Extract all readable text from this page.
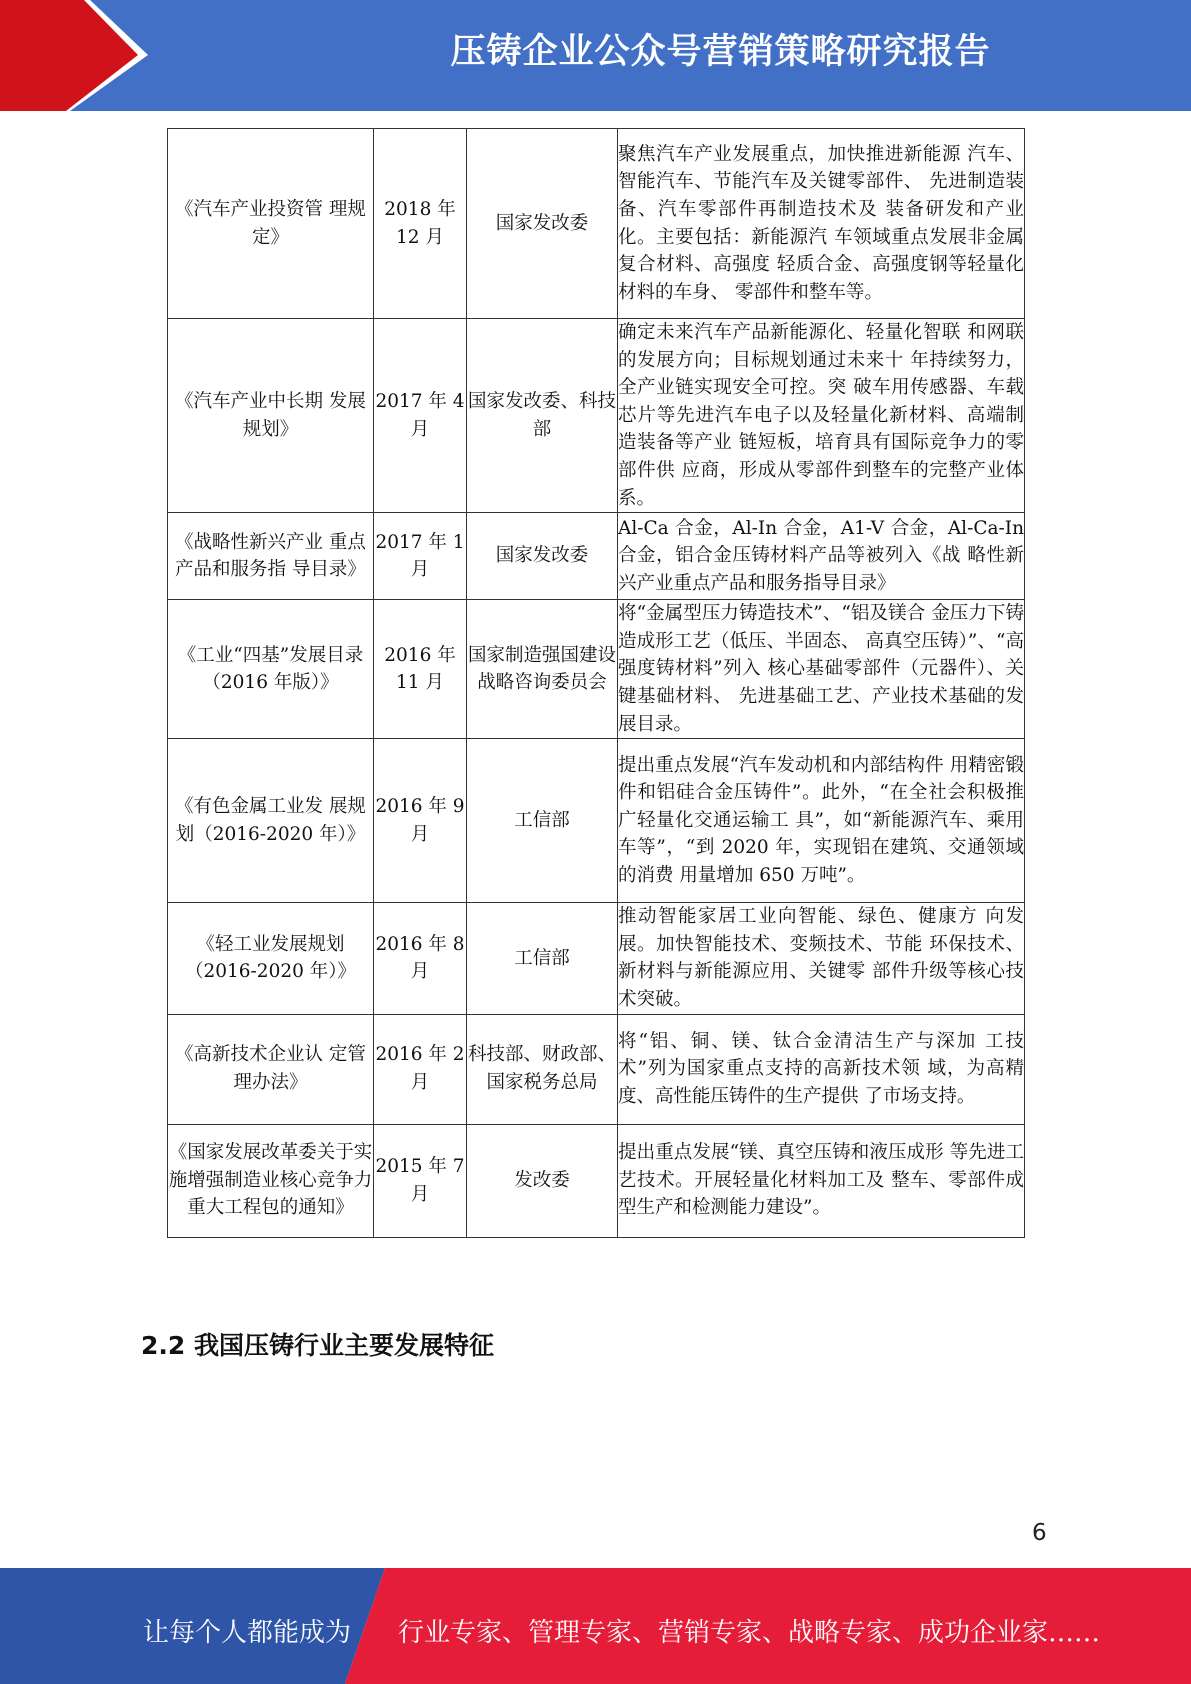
压铸企业公众号营销策略研究报告
《汽车产业投资管 理规定》	2018 年 12 月	国家发改委	聚焦汽车产业发展重点，加快推进新能源 汽车、智能汽车、节能汽车及关键零部件、 先进制造装备、汽车零部件再制造技术及 装备研发和产业化。主要包括：新能源汽 车领域重点发展非金属复合材料、高强度 轻质合金、高强度钢等轻量化材料的车身、 零部件和整车等。
《汽车产业中长期 发展规划》	2017 年 4 月	国家发改委、科技部	确定未来汽车产品新能源化、轻量化智联 和网联的发展方向；目标规划通过未来十 年持续努力，全产业链实现安全可控。突 破车用传感器、车载芯片等先进汽车电子以及轻量化新材料、高端制造装备等产业 链短板，培育具有国际竞争力的零部件供 应商，形成从零部件到整车的完整产业体 系。
《战略性新兴产业 重点产品和服务指 导目录》	2017 年 1 月	国家发改委	Al-Ca 合金，Al-In 合金，A1-V 合金，Al-Ca-In 合金，铝合金压铸材料产品等被列入《战 略性新兴产业重点产品和服务指导目录》
《工业“四基”发展目录（2016 年版）》	2016 年 11 月	国家制造强国建设战略咨询委员会	将“金属型压力铸造技术”、“铝及镁合 金压力下铸造成形工艺（低压、半固态、 高真空压铸）”、“高强度铸材料”列入 核心基础零部件（元器件）、关键基础材料、 先进基础工艺、产业技术基础的发展目录。
《有色金属工业发 展规划（2016-2020 年）》	2016 年 9 月	工信部	提出重点发展“汽车发动机和内部结构件 用精密锻件和铝硅合金压铸件”。此外，“在全社会积极推广轻量化交通运输工 具”，如“新能源汽车、乘用车等”，“到 2020 年，实现铝在建筑、交通领域的消费 用量增加 650 万吨”。
《轻工业发展规划（2016-2020 年）》	2016 年 8 月	工信部	推动智能家居工业向智能、绿色、健康方 向发展。加快智能技术、变频技术、节能 环保技术、新材料与新能源应用、关键零 部件升级等核心技术突破。
《高新技术企业认 定管理办法》	2016 年 2 月	科技部、财政部、国家税务总局	将“铝、铜、镁、钛合金清洁生产与深加 工技术”列为国家重点支持的高新技术领 域，为高精度、高性能压铸件的生产提供 了市场支持。
《国家发展改革委关于实施增强制造业核心竞争力重大工程包的通知》	2015 年 7 月	发改委	提出重点发展“镁、真空压铸和液压成形 等先进工艺技术。开展轻量化材料加工及 整车、零部件成型生产和检测能力建设”。
2.2 我国压铸行业主要发展特征
6
让每个人都能成为 行业专家、管理专家、营销专家、战略专家、成功企业家……
